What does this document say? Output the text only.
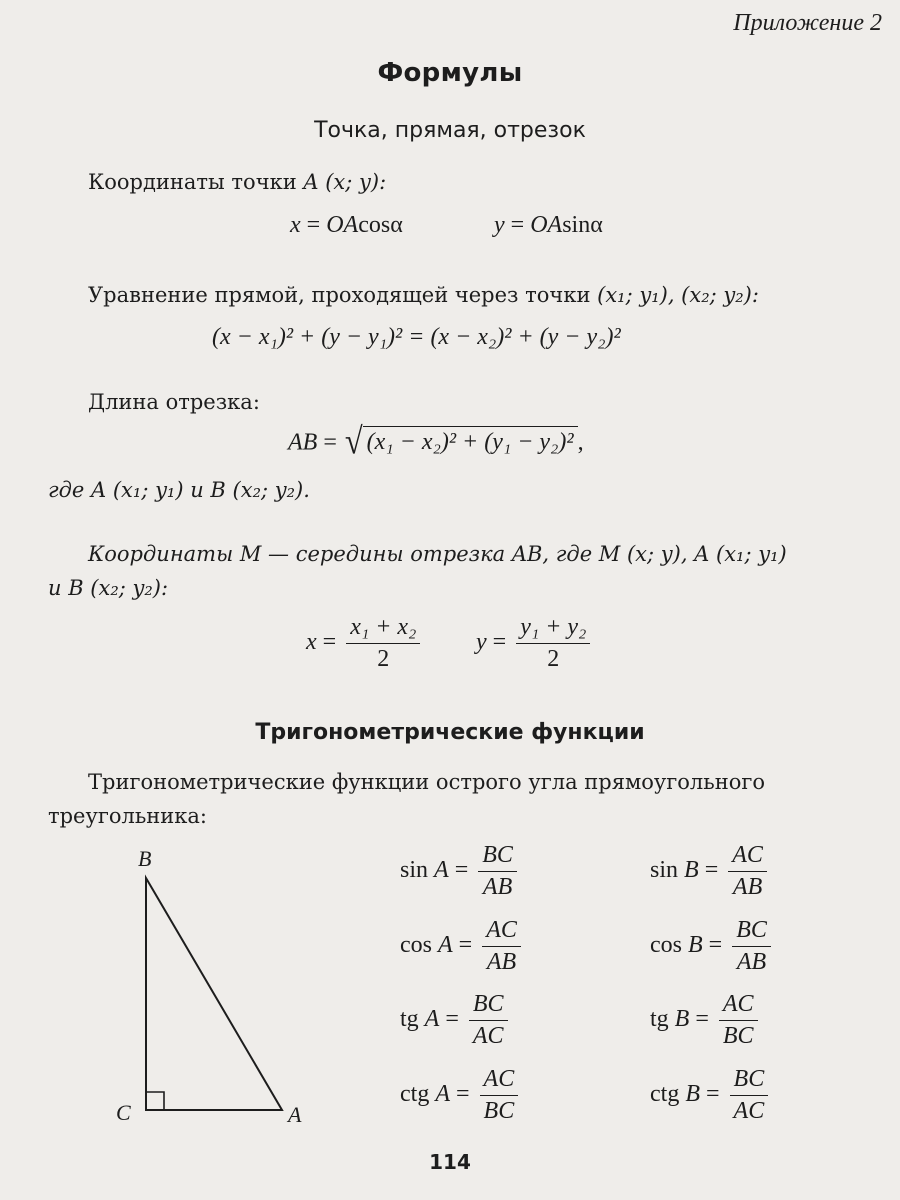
Приложение 2
Формулы
Точка, прямая, отрезок
Координаты точки A (x; y):
x = OAcosα	y = OAsinα
Уравнение прямой, проходящей через точки (x₁; y₁), (x₂; y₂):
(x − x₁)² + (y − y₁)² = (x − x₂)² + (y − y₂)²
Длина отрезка:
AB = √ (x₁ − x₂)² + (y₁ − y₂)² ,
где A (x₁; y₁) и B (x₂; y₂).
Координаты M — середины отрезка AB, где M (x; y), A (x₁; y₁)
и B (x₂; y₂):
$x = \frac{\text{x₁ + x₂}}{2}$ $y = \frac{\text{y₁ + y₂}}{2}$
Тригонометрические функции
Тригонометрические функции острого угла прямоугольного
треугольника:
B
C	A
$\sin A = \frac{BC}{AB}$	$\sin B = \frac{AC}{AB}$
$\cos A = \frac{AC}{AB}$	$\cos B = \frac{BC}{AB}$
tg $A = \frac{BC}{AC}$	tg $B = \frac{AC}{BC}$
ctg $A = \frac{AC}{BC}$	ctg $B = \frac{BC}{AC}$
114
